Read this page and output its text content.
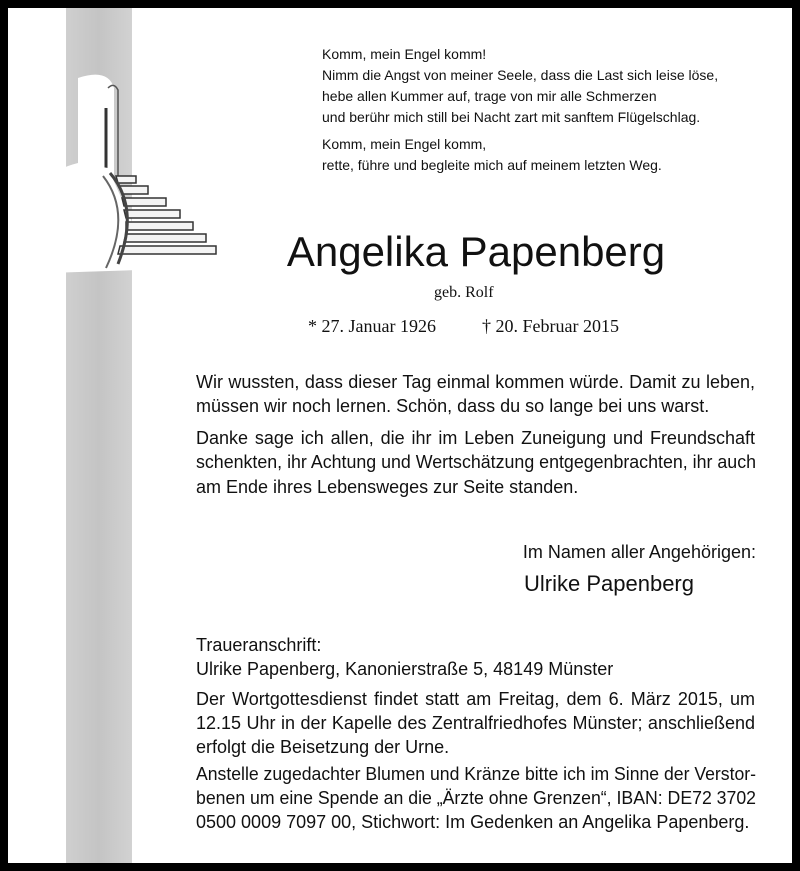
Komm, mein Engel komm!
Nimm die Angst von meiner Seele, dass die Last sich leise löse,
hebe allen Kummer auf, trage von mir alle Schmerzen
und berühr mich still bei Nacht zart mit sanftem Flügelschlag.
Komm, mein Engel komm,
rette, führe und begleite mich auf meinem letzten Weg.
Angelika Papenberg
geb. Rolf
* 27. Januar 1926	† 20. Februar 2015
Wir wussten, dass dieser Tag einmal kommen würde. Damit zu leben,
müssen wir noch lernen. Schön, dass du so lange bei uns warst.
Danke sage ich allen, die ihr im Leben Zuneigung und Freundschaft
schenkten, ihr Achtung und Wertschätzung entgegenbrachten, ihr auch
am Ende ihres Lebensweges zur Seite standen.
Im Namen aller Angehörigen:
Ulrike Papenberg
Traueranschrift:
Ulrike Papenberg, Kanonierstraße 5, 48149 Münster
Der Wortgottesdienst findet statt am Freitag, dem 6. März 2015, um
12.15 Uhr in der Kapelle des Zentralfriedhofes Münster; anschließend
erfolgt die Beisetzung der Urne.
Anstelle zugedachter Blumen und Kränze bitte ich im Sinne der Verstor-
benen um eine Spende an die „Ärzte ohne Grenzen“, IBAN: DE72 3702
0500 0009 7097 00, Stichwort: Im Gedenken an Angelika Papenberg.
